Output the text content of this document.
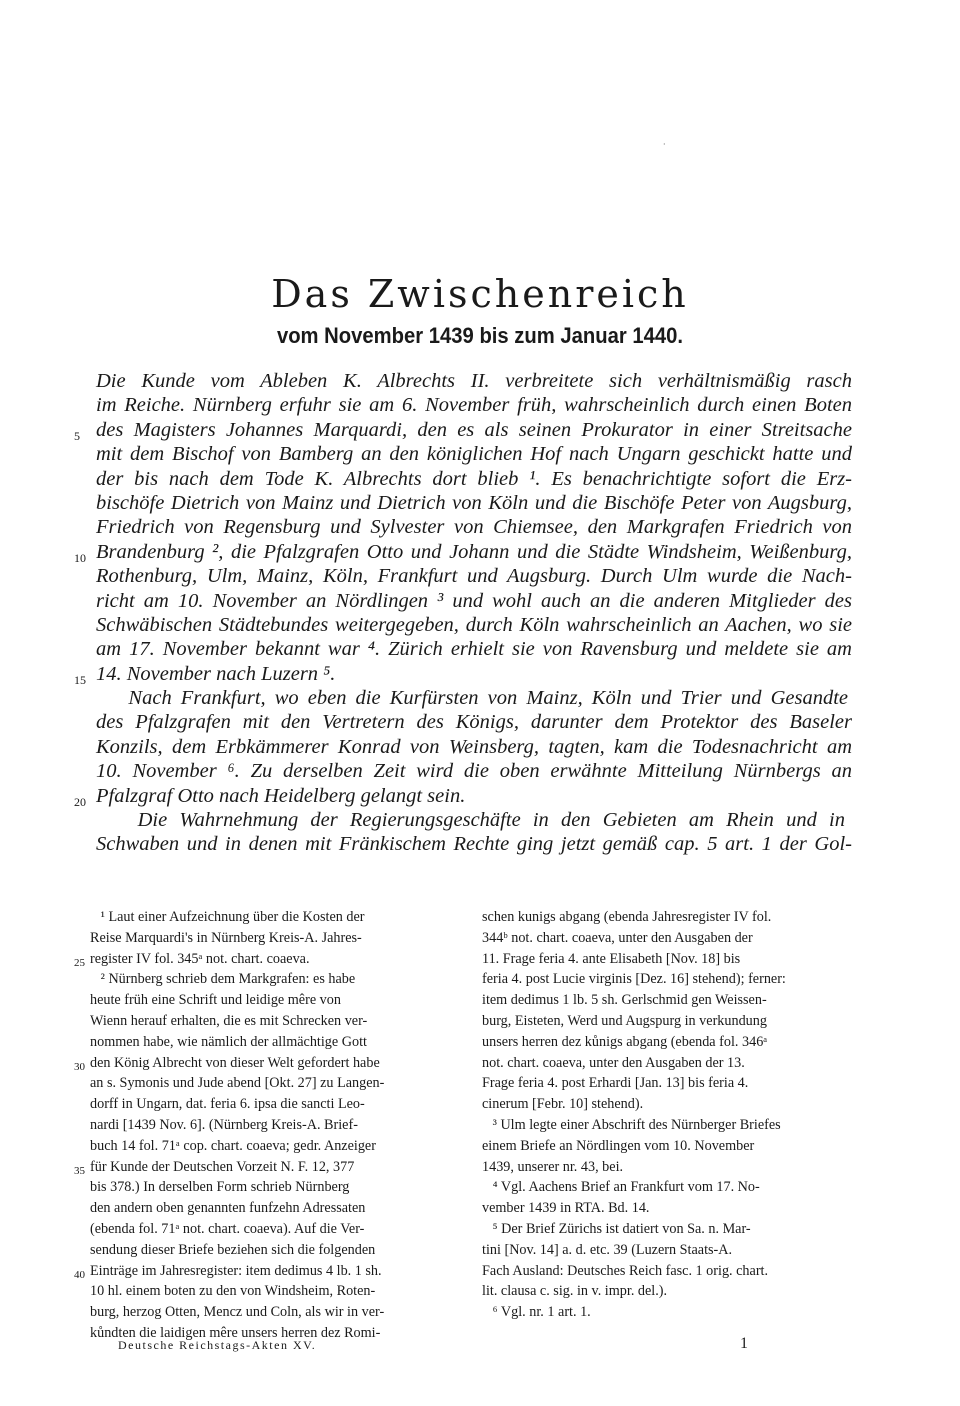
·
Das Zwischenreich
vom November 1439 bis zum Januar 1440.
Die Kunde vom Ableben K. Albrechts II. verbreitete sich verhältnismäßig rasch
im Reiche. Nürnberg erfuhr sie am 6. November früh, wahrscheinlich durch einen Boten
5 des Magisters Johannes Marquardi, den es als seinen Prokurator in einer Streitsache
mit dem Bischof von Bamberg an den königlichen Hof nach Ungarn geschickt hatte und
der bis nach dem Tode K. Albrechts dort blieb ¹. Es benachrichtigte sofort die Erz-
bischöfe Dietrich von Mainz und Dietrich von Köln und die Bischöfe Peter von Augsburg,
Friedrich von Regensburg und Sylvester von Chiemsee, den Markgrafen Friedrich von
10 Brandenburg ², die Pfalzgrafen Otto und Johann und die Städte Windsheim, Weißenburg,
Rothenburg, Ulm, Mainz, Köln, Frankfurt und Augsburg. Durch Ulm wurde die Nach-
richt am 10. November an Nördlingen ³ und wohl auch an die anderen Mitglieder des
Schwäbischen Städtebundes weitergegeben, durch Köln wahrscheinlich an Aachen, wo sie
am 17. November bekannt war ⁴. Zürich erhielt sie von Ravensburg und meldete sie am
15 14. November nach Luzern ⁵.
Nach Frankfurt, wo eben die Kurfürsten von Mainz, Köln und Trier und Gesandte
des Pfalzgrafen mit den Vertretern des Königs, darunter dem Protektor des Baseler
Konzils, dem Erbkämmerer Konrad von Weinsberg, tagten, kam die Todesnachricht am
10. November ⁶. Zu derselben Zeit wird die oben erwähnte Mitteilung Nürnbergs an
20 Pfalzgraf Otto nach Heidelberg gelangt sein.
Die Wahrnehmung der Regierungsgeschäfte in den Gebieten am Rhein und in
Schwaben und in denen mit Fränkischem Rechte ging jetzt gemäß cap. 5 art. 1 der Gol-
¹ Laut einer Aufzeichnung über die Kosten der
Reise Marquardi's in Nürnberg Kreis-A. Jahres-
25 register IV fol. 345ᵃ not. chart. coaeva.
² Nürnberg schrieb dem Markgrafen: es habe
heute früh eine Schrift und leidige mêre von
Wienn herauf erhalten, die es mit Schrecken ver-
nommen habe, wie nämlich der allmächtige Gott
30 den König Albrecht von dieser Welt gefordert habe
an s. Symonis und Jude abend [Okt. 27] zu Langen-
dorff in Ungarn, dat. feria 6. ipsa die sancti Leo-
nardi [1439 Nov. 6]. (Nürnberg Kreis-A. Brief-
buch 14 fol. 71ᵃ cop. chart. coaeva; gedr. Anzeiger
35 für Kunde der Deutschen Vorzeit N. F. 12, 377
bis 378.) In derselben Form schrieb Nürnberg
den andern oben genannten funfzehn Adressaten
(ebenda fol. 71ᵃ not. chart. coaeva). Auf die Ver-
sendung dieser Briefe beziehen sich die folgenden
40 Einträge im Jahresregister: item dedimus 4 lb. 1 sh.
10 hl. einem boten zu den von Windsheim, Roten-
burg, herzog Otten, Mencz und Coln, als wir in ver-
kůndten die laidigen mêre unsers herren dez Romi-
schen kunigs abgang (ebenda Jahresregister IV fol.
344ᵇ not. chart. coaeva, unter den Ausgaben der
11. Frage feria 4. ante Elisabeth [Nov. 18] bis
feria 4. post Lucie virginis [Dez. 16] stehend); ferner:
item dedimus 1 lb. 5 sh. Gerlschmid gen Weissen-
burg, Eisteten, Werd und Augspurg in verkundung
unsers herren dez kůnigs abgang (ebenda fol. 346ᵃ
not. chart. coaeva, unter den Ausgaben der 13.
Frage feria 4. post Erhardi [Jan. 13] bis feria 4.
cinerum [Febr. 10] stehend).
³ Ulm legte einer Abschrift des Nürnberger Briefes
einem Briefe an Nördlingen vom 10. November
1439, unserer nr. 43, bei.
⁴ Vgl. Aachens Brief an Frankfurt vom 17. No-
vember 1439 in RTA. Bd. 14.
⁵ Der Brief Zürichs ist datiert von Sa. n. Mar-
tini [Nov. 14] a. d. etc. 39 (Luzern Staats-A.
Fach Ausland: Deutsches Reich fasc. 1 orig. chart.
lit. clausa c. sig. in v. impr. del.).
⁶ Vgl. nr. 1 art. 1.
Deutsche Reichstags-Akten XV.	1
